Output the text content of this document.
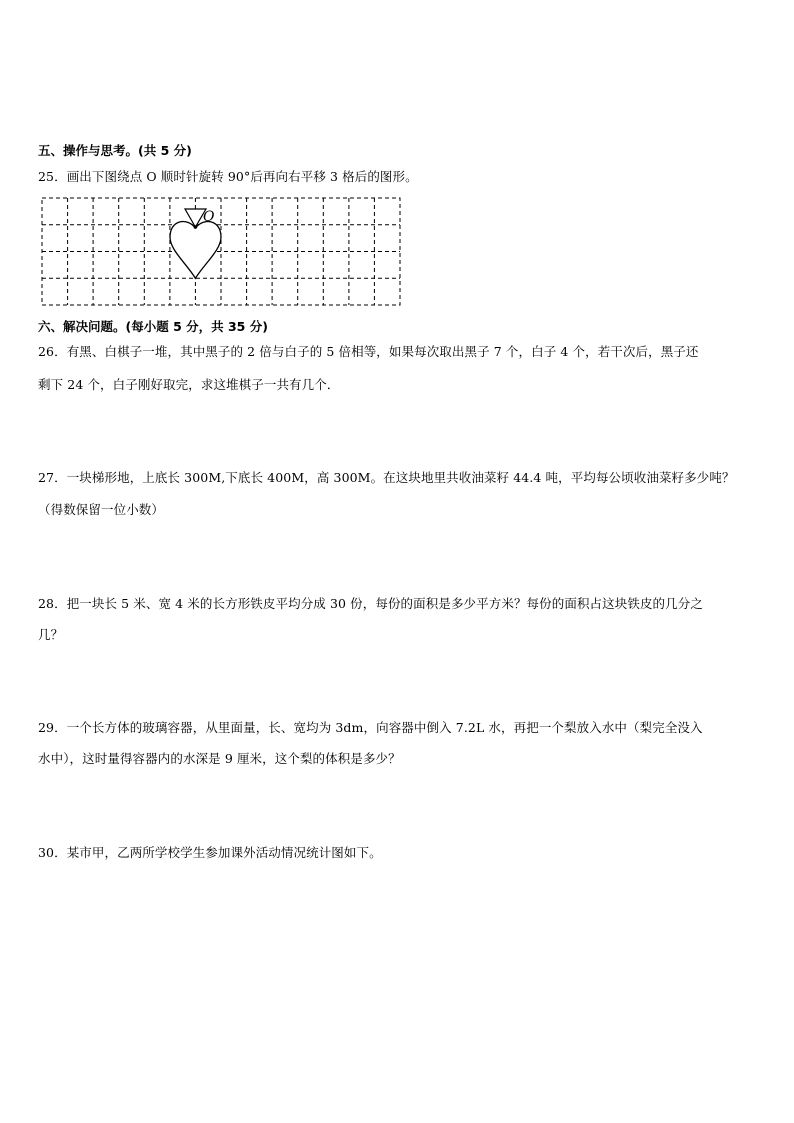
五、操作与思考。(共 5 分)
25．画出下图绕点 O 顺时针旋转 90°后再向右平移 3 格后的图形。
O
六、解决问题。(每小题 5 分，共 35 分)
26．有黑、白棋子一堆，其中黑子的 2 倍与白子的 5 倍相等，如果每次取出黑子 7 个，白子 4 个，若干次后，黑子还
剩下 24 个，白子刚好取完，求这堆棋子一共有几个．
27．一块梯形地，上底长 300M,下底长 400M，高 300M。在这块地里共收油菜籽 44.4 吨，平均每公顷收油菜籽多少吨？
（得数保留一位小数）
28．把一块长 5 米、宽 4 米的长方形铁皮平均分成 30 份，每份的面积是多少平方米？每份的面积占这块铁皮的几分之
几？
29．一个长方体的玻璃容器，从里面量，长、宽均为 3dm，向容器中倒入 7.2L 水，再把一个梨放入水中（梨完全没入
水中），这时量得容器内的水深是 9 厘米，这个梨的体积是多少？
30．某市甲，乙两所学校学生参加课外活动情况统计图如下。
